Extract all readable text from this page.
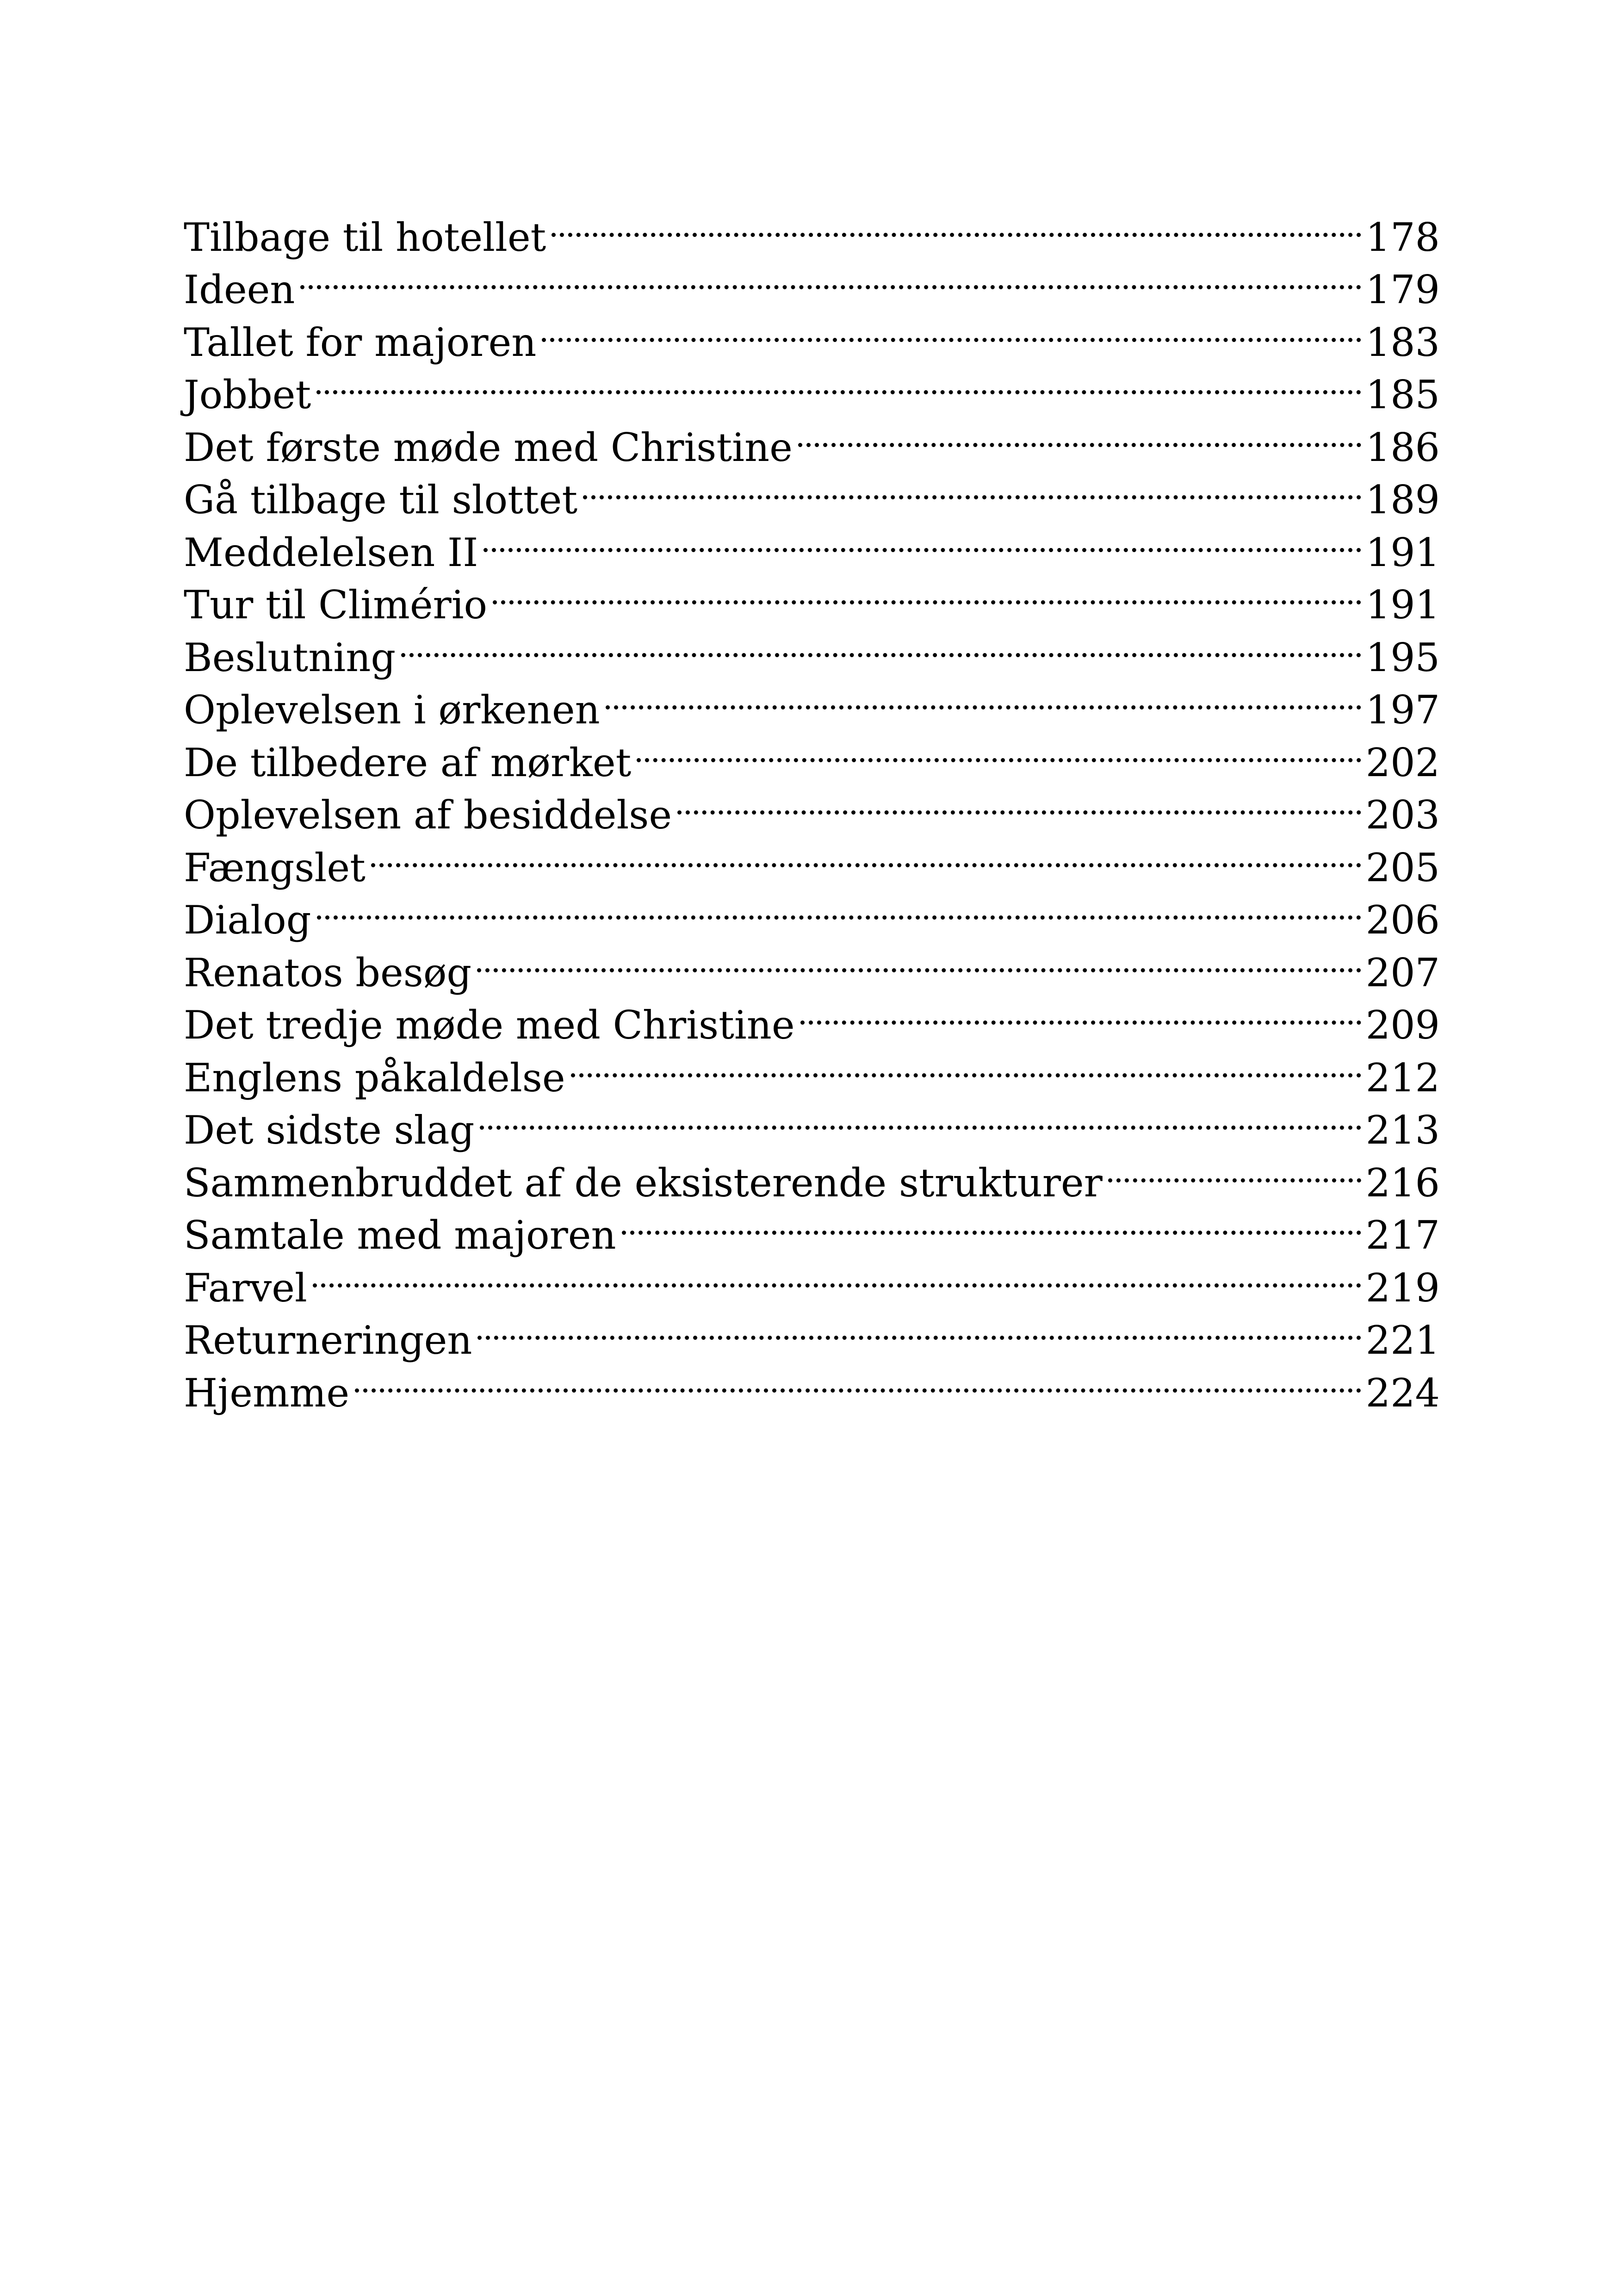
Tilbage til hotellet	178
Ideen	179
Tallet for majoren	183
Jobbet	185
Det første møde med Christine	186
Gå tilbage til slottet	189
Meddelelsen II	191
Tur til Climério	191
Beslutning	195
Oplevelsen i ørkenen	197
De tilbedere af mørket	202
Oplevelsen af besiddelse	203
Fængslet	205
Dialog	206
Renatos besøg	207
Det tredje møde med Christine	209
Englens påkaldelse	212
Det sidste slag	213
Sammenbruddet af de eksisterende strukturer	216
Samtale med majoren	217
Farvel	219
Returneringen	221
Hjemme	224
